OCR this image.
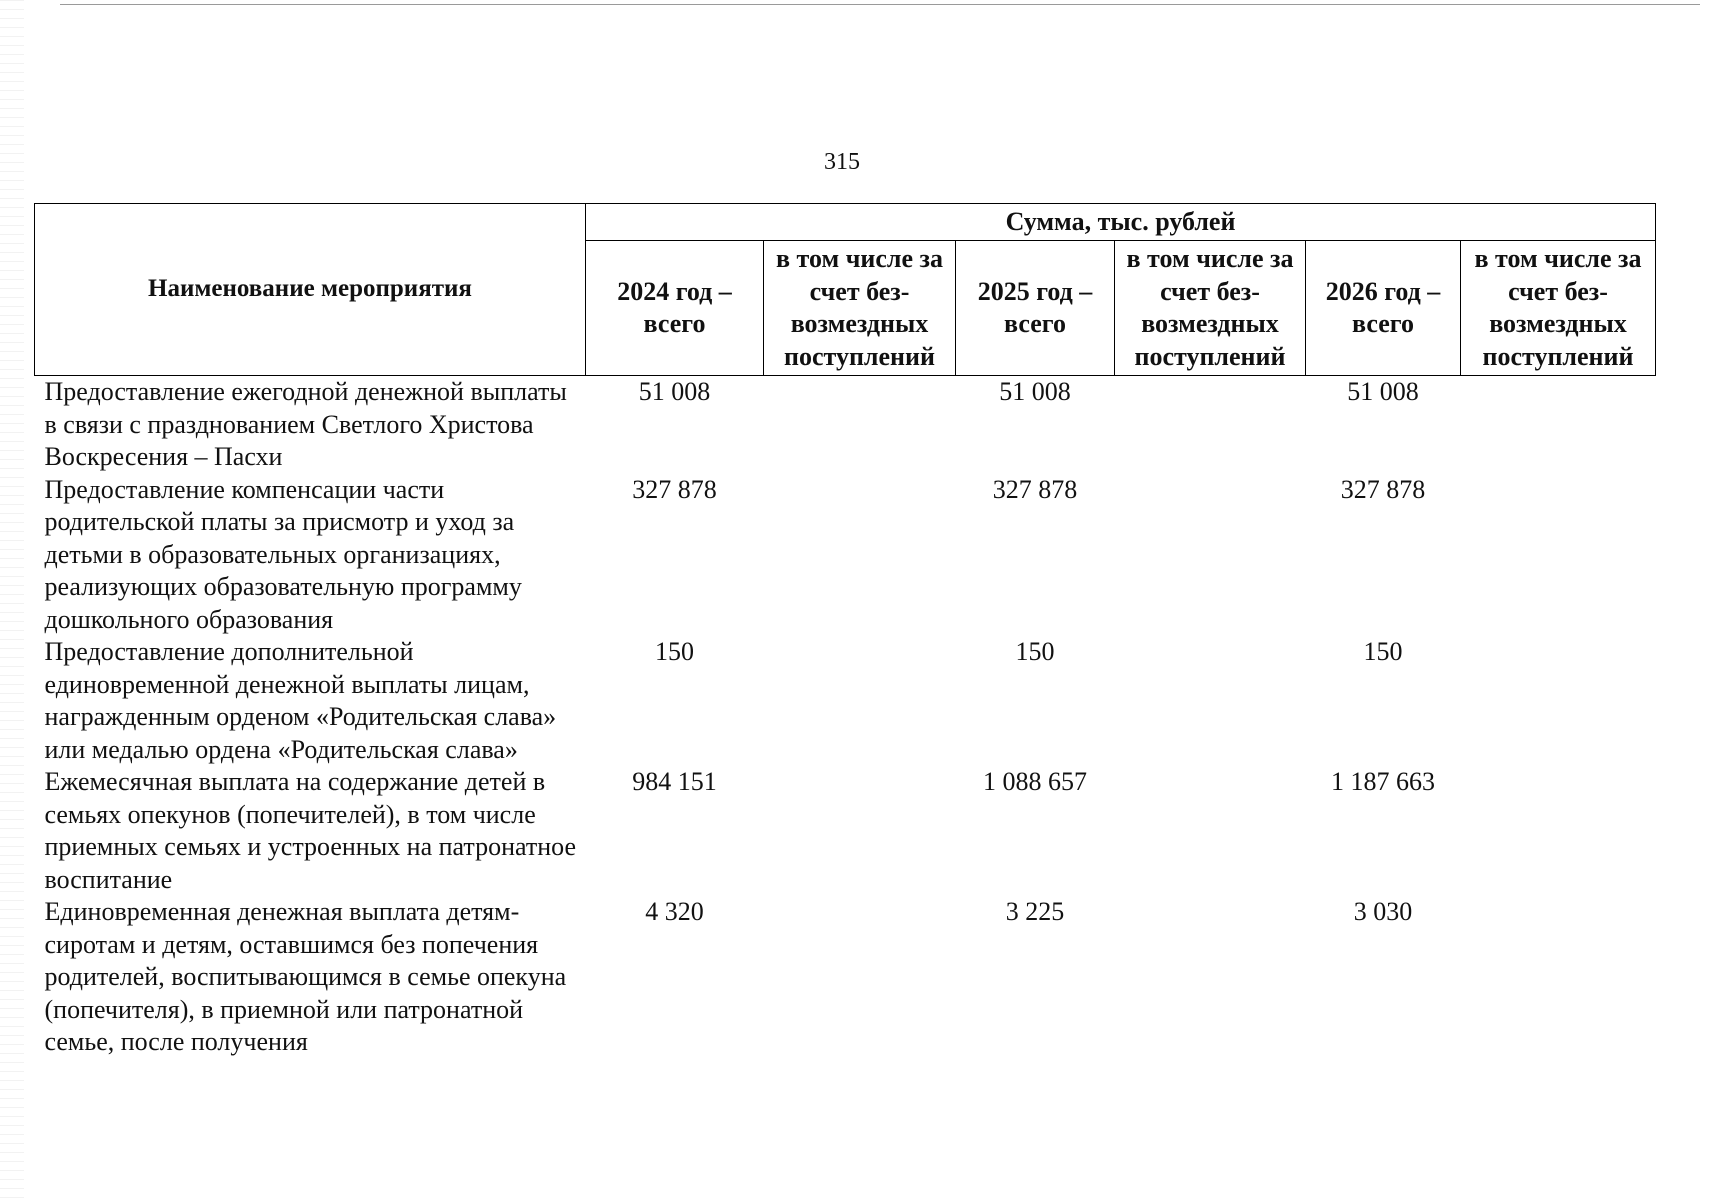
315
Наименование мероприятия	Сумма, тыс. рублей					
	2024 год – всего	в том числе за счет без-возмездных поступлений	2025 год – всего	в том числе за счет без-возмездных поступлений	2026 год – всего	в том числе за счет без-возмездных поступлений
Предоставление ежегодной денежной выплаты в связи с празднованием Светлого Христова Воскресения – Пасхи	51 008		51 008		51 008	
Предоставление компенсации части родительской платы за присмотр и уход за детьми в образовательных организациях, реализующих образовательную программу дошкольного образования	327 878		327 878		327 878	
Предоставление дополнительной единовременной денежной выплаты лицам, награжденным орденом «Родительская слава» или медалью ордена «Родительская слава»	150		150		150	
Ежемесячная выплата на содержание детей в семьях опекунов (попечителей), в том числе приемных семьях и устроенных на патронатное воспитание	984 151		1 088 657		1 187 663	
Единовременная денежная выплата детям-сиротам и детям, оставшимся без попечения родителей, воспитывающимся в семье опекуна (попечителя), в приемной или патронатной семье, после получения	4 320		3 225		3 030	
